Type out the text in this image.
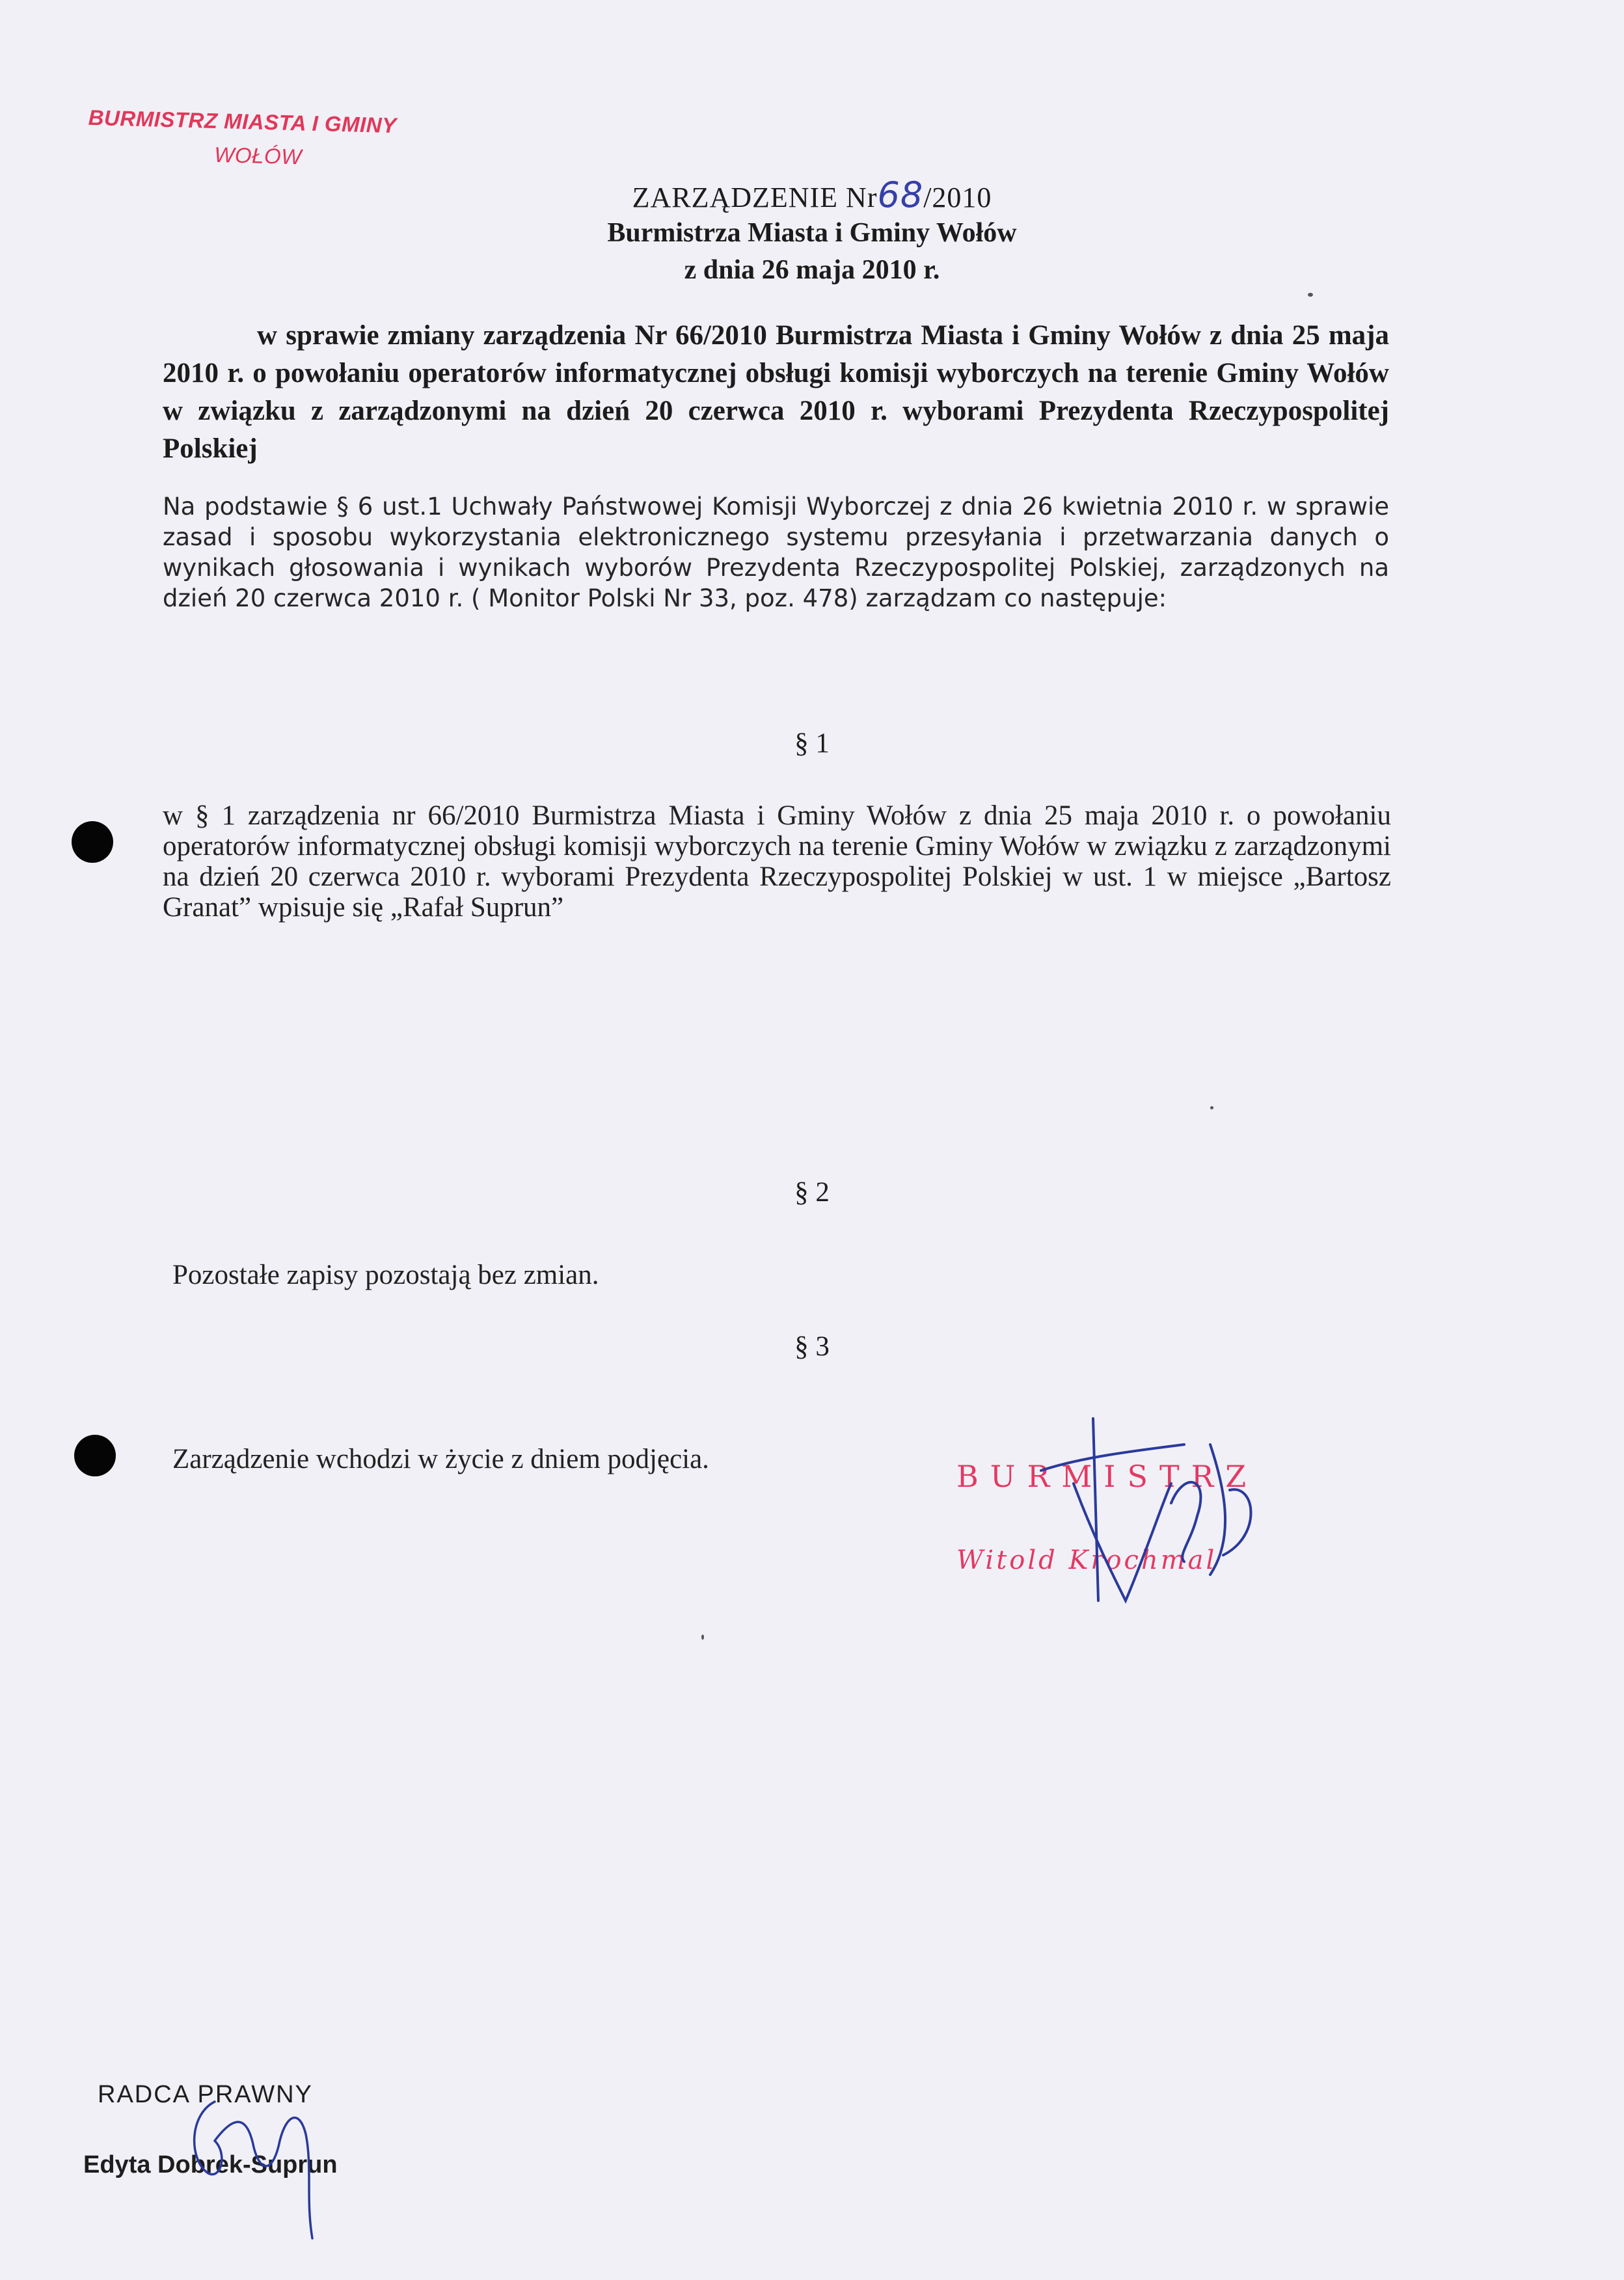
BURMISTRZ MIASTA I GMINY
WOŁÓW
ZARZĄDZENIE Nr68/2010
Burmistrza Miasta i Gminy Wołów
z dnia 26 maja 2010 r.
w sprawie zmiany zarządzenia Nr 66/2010 Burmistrza Miasta i Gminy Wołów z dnia 25 maja 2010 r. o powołaniu operatorów informatycznej obsługi komisji wyborczych na terenie Gminy Wołów w związku z zarządzonymi na dzień 20 czerwca 2010 r. wyborami Prezydenta Rzeczypospolitej Polskiej
Na podstawie § 6 ust.1 Uchwały Państwowej Komisji Wyborczej z dnia 26 kwietnia 2010 r. w sprawie zasad i sposobu wykorzystania elektronicznego systemu przesyłania i przetwarzania danych o wynikach głosowania i wynikach wyborów Prezydenta Rzeczypospolitej Polskiej, zarządzonych na dzień 20 czerwca 2010 r. ( Monitor Polski Nr 33, poz. 478) zarządzam co następuje:
§ 1
w § 1 zarządzenia nr 66/2010 Burmistrza Miasta i Gminy Wołów z dnia 25 maja 2010 r. o powołaniu operatorów informatycznej obsługi komisji wyborczych na terenie Gminy Wołów w związku z zarządzonymi na dzień 20 czerwca 2010 r. wyborami Prezydenta Rzeczypospolitej Polskiej w ust. 1 w miejsce „Bartosz Granat” wpisuje się „Rafał Suprun”
§ 2
Pozostałe zapisy pozostają bez zmian.
§ 3
Zarządzenie wchodzi w życie z dniem podjęcia.	BURMISTRZ
Witold Krochmal
RADCA PRAWNY
Edyta Dobrek-Suprun
